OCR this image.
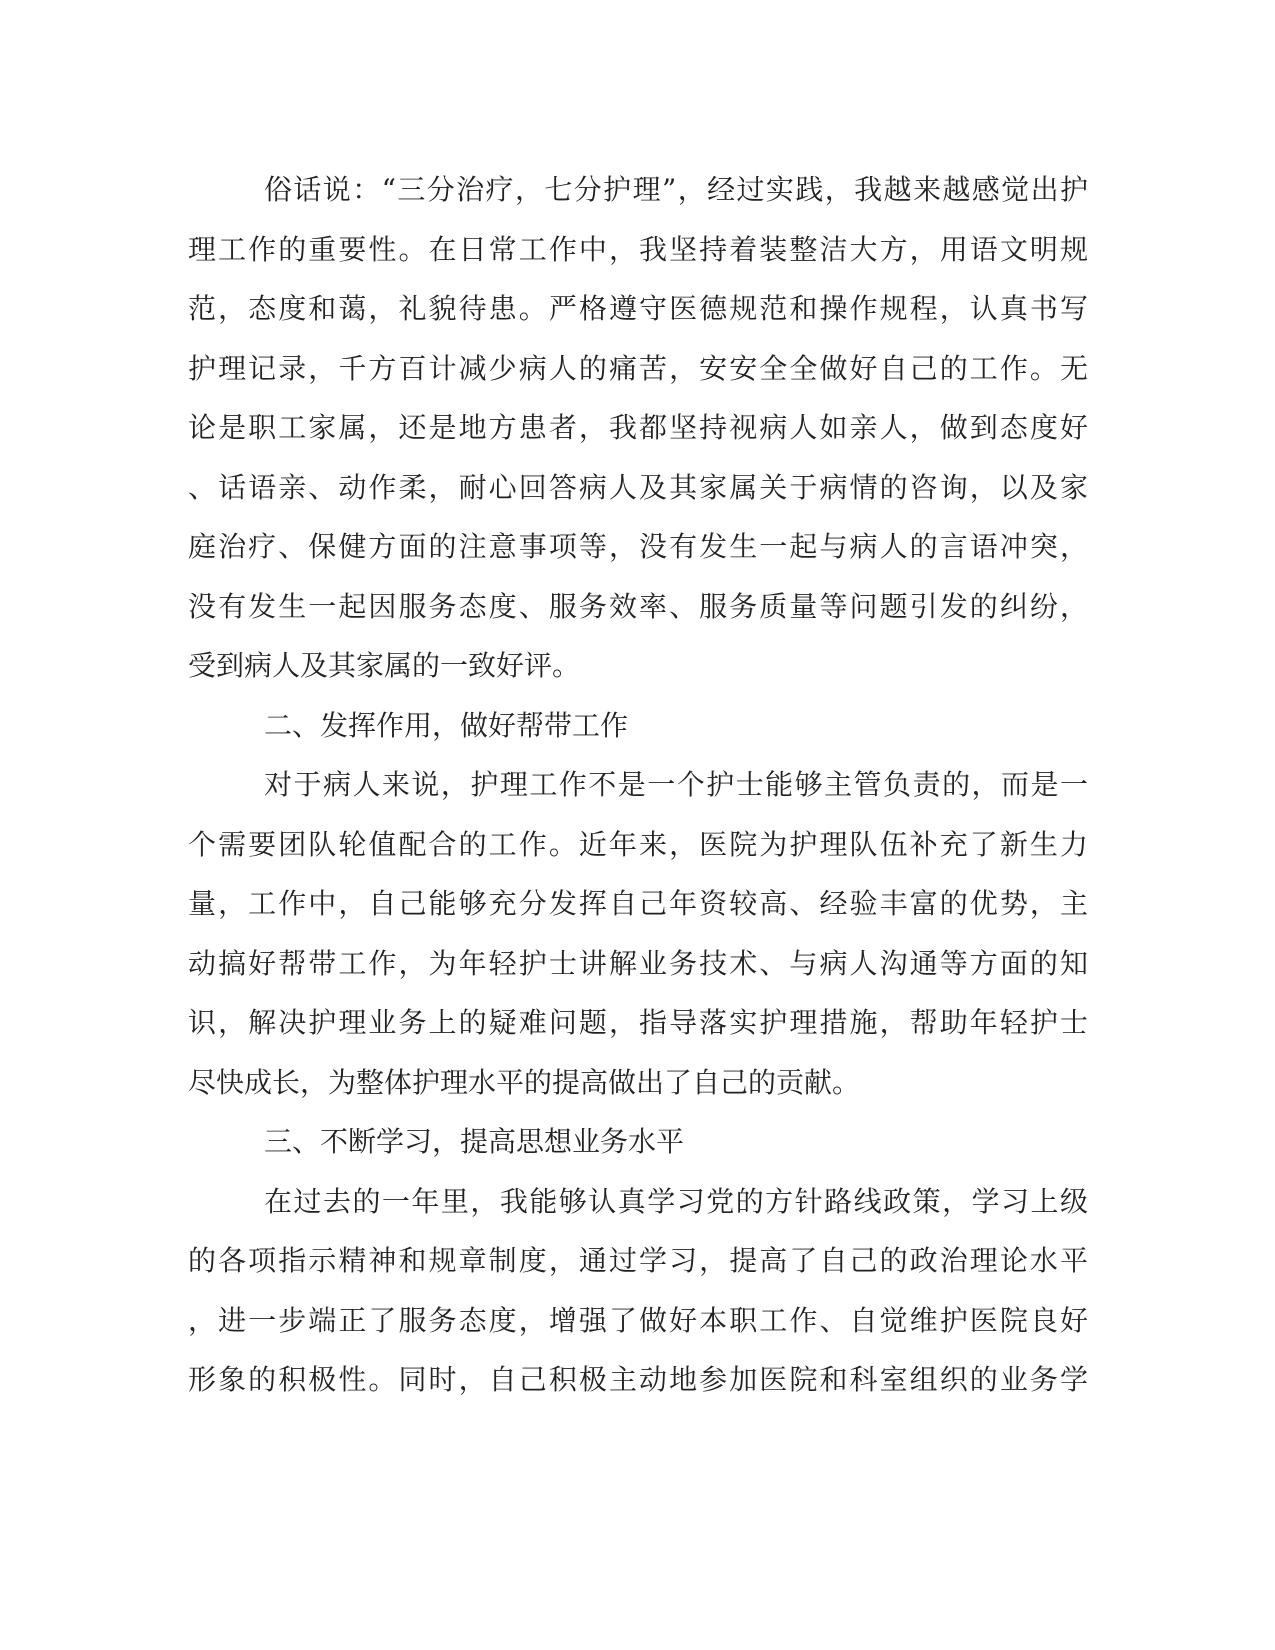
俗话说：“三分治疗，七分护理”，经过实践，我越来越感觉出护
理工作的重要性。在日常工作中，我坚持着装整洁大方，用语文明规
范，态度和蔼，礼貌待患。严格遵守医德规范和操作规程，认真书写
护理记录，千方百计减少病人的痛苦，安安全全做好自己的工作。无
论是职工家属，还是地方患者，我都坚持视病人如亲人，做到态度好
、话语亲、动作柔，耐心回答病人及其家属关于病情的咨询，以及家
庭治疗、保健方面的注意事项等，没有发生一起与病人的言语冲突，
没有发生一起因服务态度、服务效率、服务质量等问题引发的纠纷，
受到病人及其家属的一致好评。
二、发挥作用，做好帮带工作
对于病人来说，护理工作不是一个护士能够主管负责的，而是一
个需要团队轮值配合的工作。近年来，医院为护理队伍补充了新生力
量，工作中，自己能够充分发挥自己年资较高、经验丰富的优势，主
动搞好帮带工作，为年轻护士讲解业务技术、与病人沟通等方面的知
识，解决护理业务上的疑难问题，指导落实护理措施，帮助年轻护士
尽快成长，为整体护理水平的提高做出了自己的贡献。
三、不断学习，提高思想业务水平
在过去的一年里，我能够认真学习党的方针路线政策，学习上级
的各项指示精神和规章制度，通过学习，提高了自己的政治理论水平
，进一步端正了服务态度，增强了做好本职工作、自觉维护医院良好
形象的积极性。同时，自己积极主动地参加医院和科室组织的业务学
